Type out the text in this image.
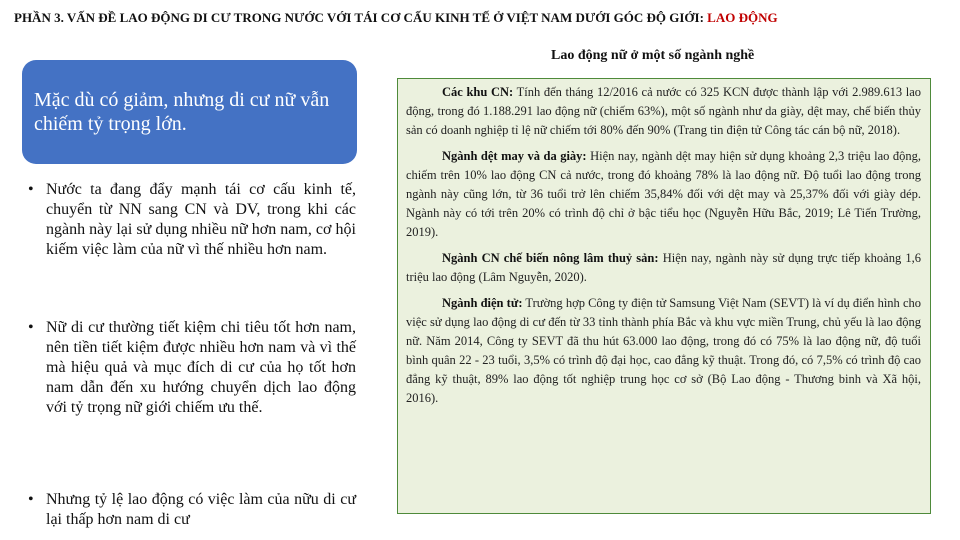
PHẦN 3. VẤN ĐỀ LAO ĐỘNG DI CƯ TRONG NƯỚC VỚI TÁI CƠ CẤU KINH TẾ Ở VIỆT NAM DƯỚI GÓC ĐỘ GIỚI: LAO ĐỘNG
Lao động nữ ở một số ngành nghề
Mặc dù có giảm, nhưng di cư nữ vẫn chiếm tỷ trọng lớn.
• Nước ta đang đẩy mạnh tái cơ cấu kinh tế, chuyển từ NN sang CN và DV, trong khi các ngành này lại sử dụng nhiều nữ hơn nam, cơ hội kiếm việc làm của nữ vì thế nhiều hơn nam.
• Nữ di cư thường tiết kiệm chi tiêu tốt hơn nam, nên tiền tiết kiệm được nhiều hơn nam và vì thế mà hiệu quả và mục đích di cư của họ tốt hơn nam dẫn đến xu hướng chuyển dịch lao động với tỷ trọng nữ giới chiếm ưu thế.
• Nhưng tỷ lệ lao động có việc làm của nữu di cư lại thấp hơn nam di cư

Các khu CN: Tính đến tháng 12/2016 cả nước có 325 KCN được thành lập với 2.989.613 lao động, trong đó 1.188.291 lao động nữ (chiếm 63%), một số ngành như da giày, dệt may, chế biến thủy sản có doanh nghiệp tỉ lệ nữ chiếm tới 80% đến 90% (Trang tin điện tử Công tác cán bộ nữ, 2018).

Ngành dệt may và da giày: Hiện nay, ngành dệt may hiện sử dụng khoảng 2,3 triệu lao động, chiếm trên 10% lao động CN cả nước, trong đó khoảng 78% là lao động nữ. Độ tuổi lao động trong ngành này cũng lớn, từ 36 tuổi trở lên chiếm 35,84% đối với dệt may và 25,37% đối với giày dép. Ngành này có tới trên 20% có trình độ chỉ ở bậc tiểu học (Nguyễn Hữu Bắc, 2019; Lê Tiến Trường, 2019).

Ngành CN chế biến nông lâm thuỷ sản: Hiện nay, ngành này sử dụng trực tiếp khoảng 1,6 triệu lao động (Lâm Nguyễn, 2020).

Ngành điện tử: Trường hợp Công ty điện tử Samsung Việt Nam (SEVT) là ví dụ điển hình cho việc sử dụng lao động di cư đến từ 33 tỉnh thành phía Bắc và khu vực miền Trung, chủ yếu là lao động nữ. Năm 2014, Công ty SEVT đã thu hút 63.000 lao động, trong đó có 75% là lao động nữ, độ tuổi bình quân 22 - 23 tuổi, 3,5% có trình độ đại học, cao đẳng kỹ thuật. Trong đó, có 7,5% có trình độ cao đẳng kỹ thuật, 89% lao động tốt nghiệp trung học cơ sở (Bộ Lao động - Thương binh và Xã hội, 2016).
